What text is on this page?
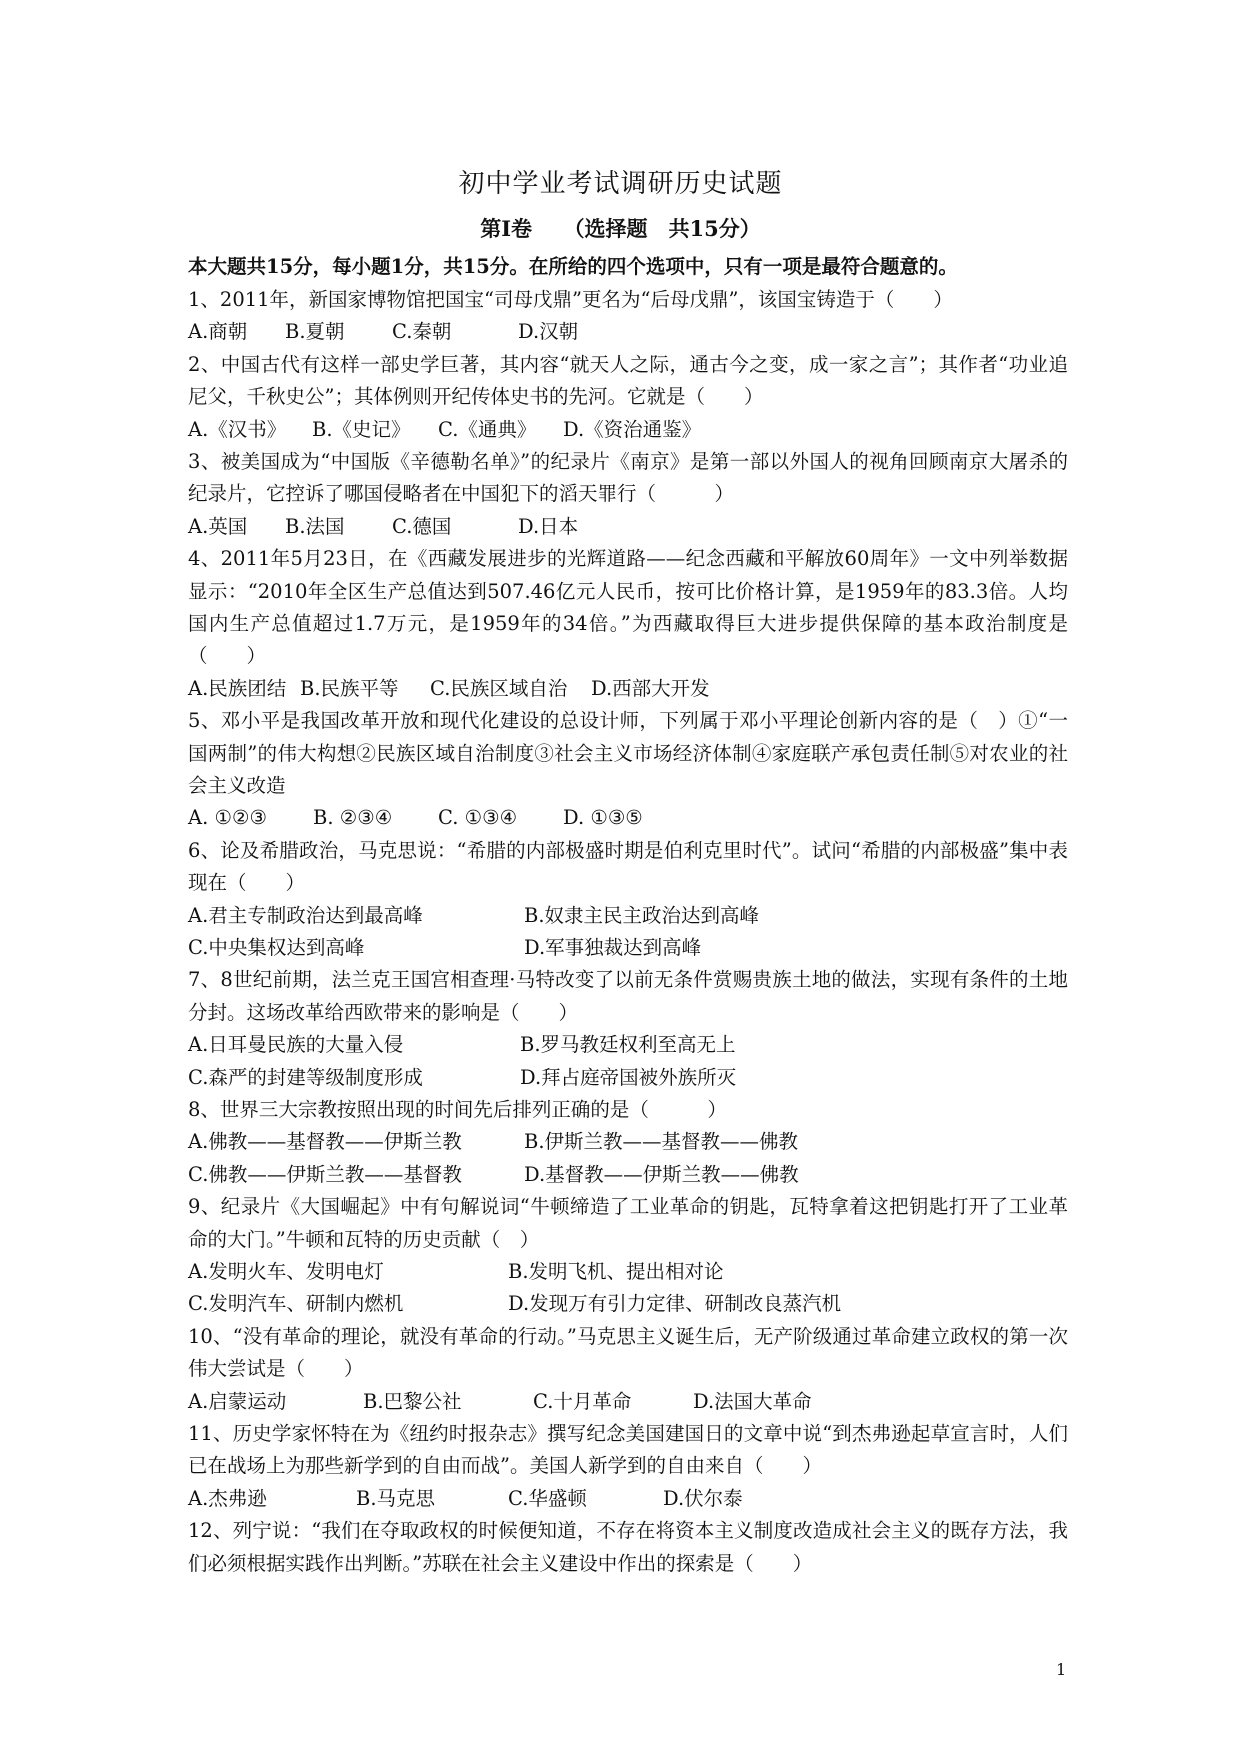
初中学业考试调研历史试题
第Ⅰ卷　　（选择题　共15分）
本大题共15分，每小题1分，共15分。在所给的四个选项中，只有一项是最符合题意的。

1、2011年，新国家博物馆把国宝“司母戊鼎”更名为“后母戊鼎”，该国宝铸造于（　　）

A.商朝 B.夏朝 C.秦朝	D.汉朝

2、中国古代有这样一部史学巨著，其内容“就天人之际，通古今之变，成一家之言”；其作者“功业追尼父，千秋史公”；其体例则开纪传体史书的先河。它就是（　　）

A.《汉书》 B.《史记》 C.《通典》 D.《资治通鉴》

3、被美国成为“中国版《辛德勒名单》”的纪录片《南京》是第一部以外国人的视角回顾南京大屠杀的纪录片，它控诉了哪国侵略者在中国犯下的滔天罪行（　　　）

A.英国 B.法国 C.德国	D.日本

4、2011年5月23日，在《西藏发展进步的光辉道路——纪念西藏和平解放60周年》一文中列举数据显示：“2010年全区生产总值达到507.46亿元人民币，按可比价格计算，是1959年的83.3倍。人均国内生产总值超过1.7万元，是1959年的34倍。”为西藏取得巨大进步提供保障的基本政治制度是（　　）

A.民族团结 B.民族平等 C.民族区域自治 D.西部大开发

5、邓小平是我国改革开放和现代化建设的总设计师，下列属于邓小平理论创新内容的是（　）①“一国两制”的伟大构想②民族区域自治制度③社会主义市场经济体制④家庭联产承包责任制⑤对农业的社会主义改造

A. ①②③ B. ②③④ C. ①③④ D. ①③⑤

6、论及希腊政治，马克思说：“希腊的内部极盛时期是伯利克里时代”。试问“希腊的内部极盛”集中表现在（　　）

A.君主专制政治达到最高峰	B.奴隶主民主政治达到高峰
C.中央集权达到高峰	D.军事独裁达到高峰

7、8世纪前期，法兰克王国宫相查理·马特改变了以前无条件赏赐贵族土地的做法，实现有条件的土地分封。这场改革给西欧带来的影响是（　　）

A.日耳曼民族的大量入侵	B.罗马教廷权利至高无上
C.森严的封建等级制度形成	D.拜占庭帝国被外族所灭

8、世界三大宗教按照出现的时间先后排列正确的是（　　　）

A.佛教——基督教——伊斯兰教	B.伊斯兰教——基督教——佛教
C.佛教——伊斯兰教——基督教	D.基督教——伊斯兰教——佛教

9、纪录片《大国崛起》中有句解说词“牛顿缔造了工业革命的钥匙，瓦特拿着这把钥匙打开了工业革命的大门。”牛顿和瓦特的历史贡献（　）

A.发明火车、发明电灯	B.发明飞机、提出相对论
C.发明汽车、研制内燃机	D.发现万有引力定律、研制改良蒸汽机

10、“没有革命的理论，就没有革命的行动。”马克思主义诞生后，无产阶级通过革命建立政权的第一次伟大尝试是（　　）

A.启蒙运动	B.巴黎公社	C.十月革命	D.法国大革命

11、历史学家怀特在为《纽约时报杂志》撰写纪念美国建国日的文章中说“到杰弗逊起草宣言时，人们已在战场上为那些新学到的自由而战”。美国人新学到的自由来自（　　）

A.杰弗逊	B.马克思	C.华盛顿	D.伏尔泰

12、列宁说：“我们在夺取政权的时候便知道，不存在将资本主义制度改造成社会主义的既存方法，我们必须根据实践作出判断。”苏联在社会主义建设中作出的探索是（　　）

1
